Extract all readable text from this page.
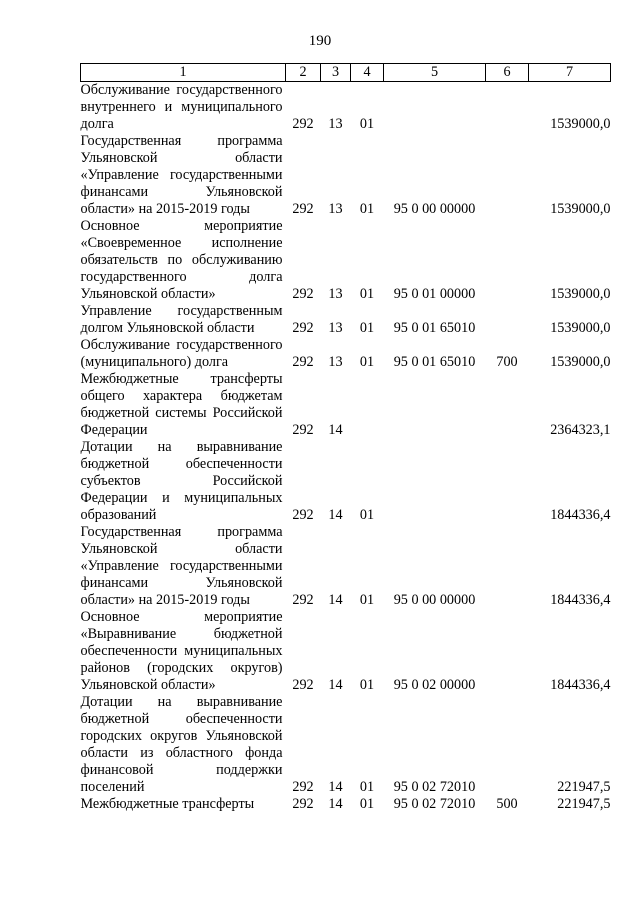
190
1	2	3	4	5	6	7
Обслуживание государственного внутреннего и муниципального долга	292	13	01			1539000,0
Государственная программа Ульяновской области «Управление государственными финансами Ульяновской области» на 2015-2019 годы	292	13	01	95 0 00 00000		1539000,0
Основное мероприятие «Своевременное исполнение обязательств по обслуживанию государственного долга Ульяновской области»	292	13	01	95 0 01 00000		1539000,0
Управление государственным долгом Ульяновской области	292	13	01	95 0 01 65010		1539000,0
Обслуживание государственного (муниципального) долга	292	13	01	95 0 01 65010	700	1539000,0
Межбюджетные трансферты общего характера бюджетам бюджетной системы Российской Федерации	292	14				2364323,1
Дотации на выравнивание бюджетной обеспеченности субъектов Российской Федерации и муниципальных образований	292	14	01			1844336,4
Государственная программа Ульяновской области «Управление государственными финансами Ульяновской области» на 2015-2019 годы	292	14	01	95 0 00 00000		1844336,4
Основное мероприятие «Выравнивание бюджетной обеспеченности муниципальных районов (городских округов) Ульяновской области»	292	14	01	95 0 02 00000		1844336,4
Дотации на выравнивание бюджетной обеспеченности городских округов Ульяновской области из областного фонда финансовой поддержки поселений	292	14	01	95 0 02 72010		221947,5
Межбюджетные трансферты	292	14	01	95 0 02 72010	500	221947,5
